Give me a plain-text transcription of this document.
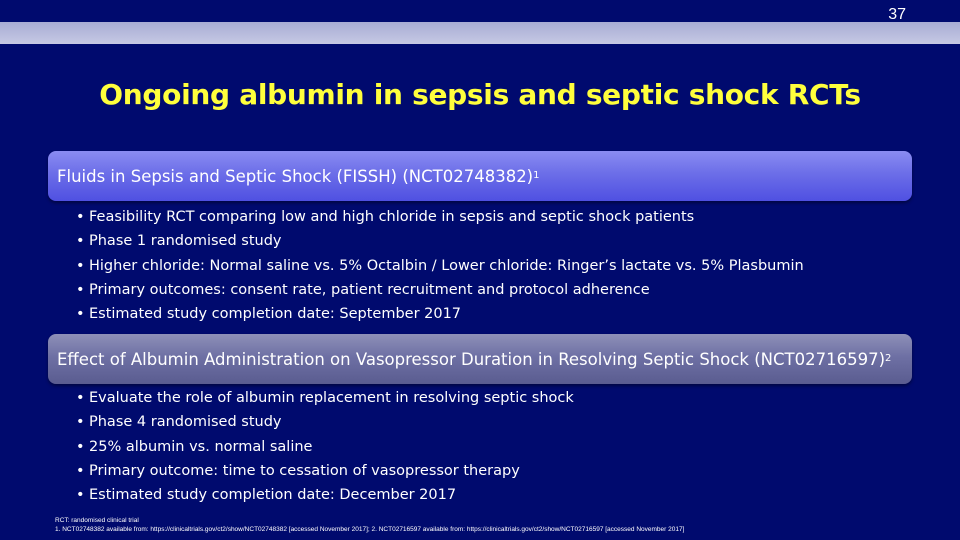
37
Ongoing albumin in sepsis and septic shock RCTs
Fluids in Sepsis and Septic Shock (FISSH) (NCT02748382) 1
• Feasibility RCT comparing low and high chloride in sepsis and septic shock patients
• Phase 1 randomised study
• Higher chloride: Normal saline vs. 5% Octalbin / Lower chloride: Ringer’s lactate vs. 5% Plasbumin
• Primary outcomes: consent rate, patient recruitment and protocol adherence
• Estimated study completion date: September 2017
Effect of Albumin Administration on Vasopressor Duration in Resolving Septic Shock (NCT02716597) 2
• Evaluate the role of albumin replacement in resolving septic shock
• Phase 4 randomised study
• 25% albumin vs. normal saline
• Primary outcome: time to cessation of vasopressor therapy
• Estimated study completion date: December 2017
RCT: randomised clinical trial
1. NCT02748382 available from: https://clinicaltrials.gov/ct2/show/NCT02748382 [accessed November 2017]; 2. NCT02716597 available from: https://clinicaltrials.gov/ct2/show/NCT02716597 [accessed November 2017]
